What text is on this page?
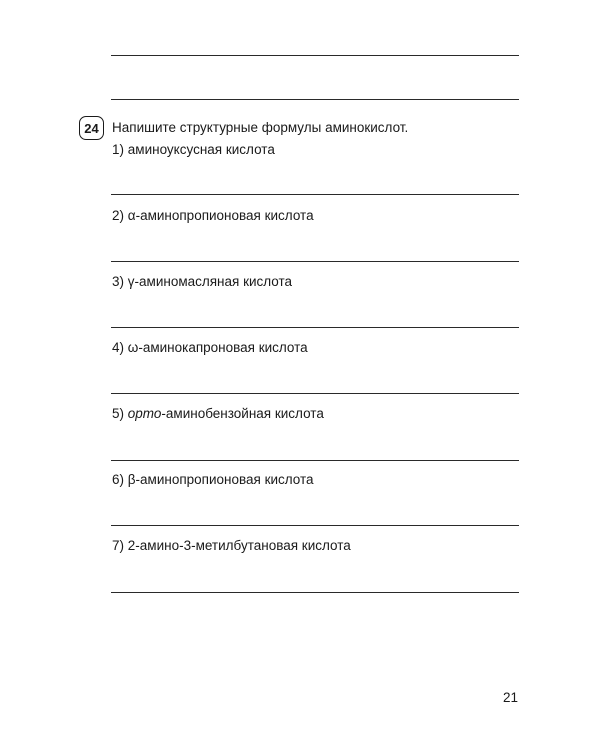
24 Напишите структурные формулы аминокислот.
1) аминоуксусная кислота
2) α-аминопропионовая кислота
3) γ-аминомасляная кислота
4) ω-аминокапроновая кислота
5) орто-аминобензойная кислота
6) β-аминопропионовая кислота
7) 2-амино-3-метилбутановая кислота
21
